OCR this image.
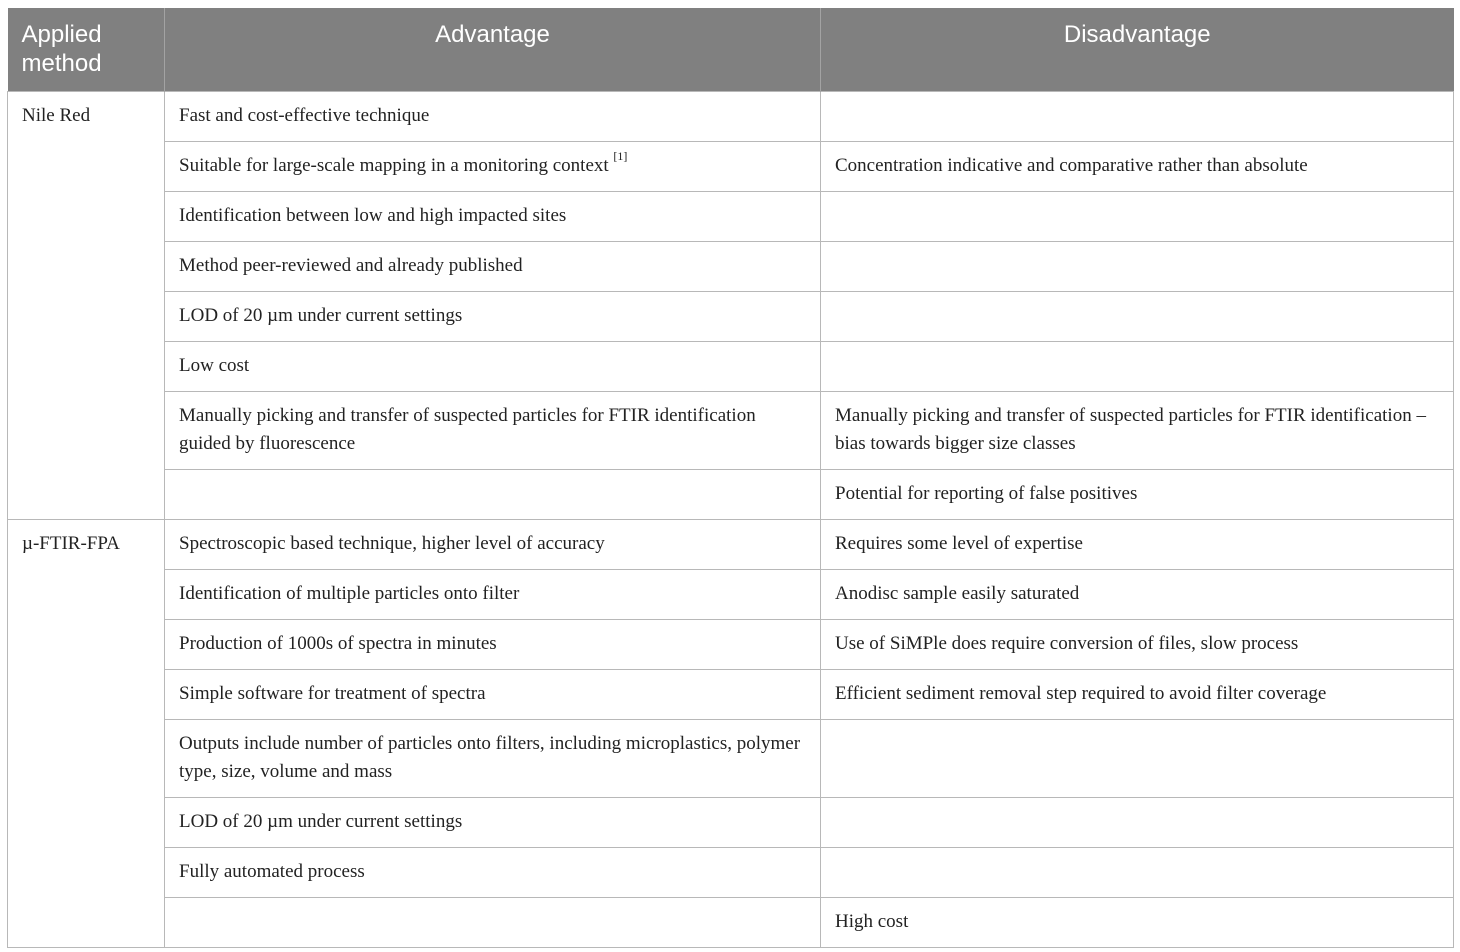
Applied method	Advantage	Disadvantage
Nile Red	Fast and cost-effective technique	
	Suitable for large-scale mapping in a monitoring context [1]	Concentration indicative and comparative rather than absolute
	Identification between low and high impacted sites	
	Method peer-reviewed and already published	
	LOD of 20 µm under current settings	
	Low cost	
	Manually picking and transfer of suspected particles for FTIR identification guided by fluorescence	Manually picking and transfer of suspected particles for FTIR identification – bias towards bigger size classes
		Potential for reporting of false positives
µ-FTIR-FPA	Spectroscopic based technique, higher level of accuracy	Requires some level of expertise
	Identification of multiple particles onto filter	Anodisc sample easily saturated
	Production of 1000s of spectra in minutes	Use of SiMPle does require conversion of files, slow process
	Simple software for treatment of spectra	Efficient sediment removal step required to avoid filter coverage
	Outputs include number of particles onto filters, including microplastics, polymer type, size, volume and mass	
	LOD of 20 µm under current settings	
	Fully automated process	
		High cost
